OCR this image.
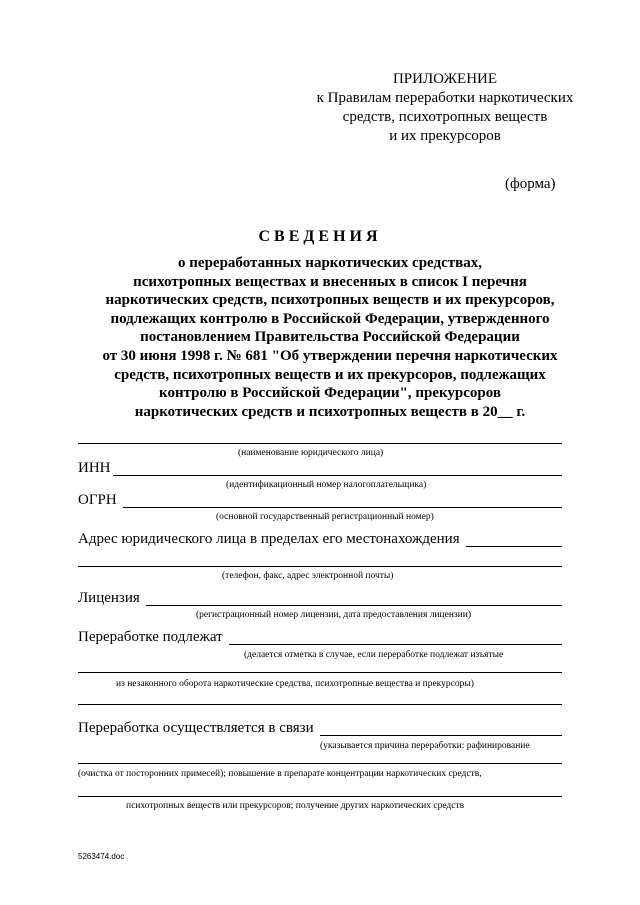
ПРИЛОЖЕНИЕ
к Правилам переработки наркотических
средств, психотропных веществ
и их прекурсоров
(форма)
СВЕДЕНИЯ
о переработанных наркотических средствах,
психотропных веществах и внесенных в список I перечня
наркотических средств, психотропных веществ и их прекурсоров,
подлежащих контролю в Российской Федерации, утвержденного
постановлением Правительства Российской Федерации
от 30 июня 1998 г. № 681 "Об утверждении перечня наркотических
средств, психотропных веществ и их прекурсоров, подлежащих
контролю в Российской Федерации", прекурсоров
наркотических средств и психотропных веществ в 20__ г.
(наименование юридического лица)
ИНН
(идентификационный номер налогоплательщика)
ОГРН
(основной государственный регистрационный номер)
Адрес юридического лица в пределах его местонахождения
(телефон, факс, адрес электронной почты)
Лицензия
(регистрационный номер лицензии, дата предоставления лицензии)
Переработке подлежат
(делается отметка в случае, если переработке подлежат изъятые
из незаконного оборота наркотические средства, психотропные вещества и прекурсоры)
Переработка осуществляется в связи
(указывается причина переработки: рафинирование
(очистка от посторонних примесей); повышение в препарате концентрации наркотических средств,
психотропных веществ или прекурсоров; получение других наркотических средств
5263474.doc
